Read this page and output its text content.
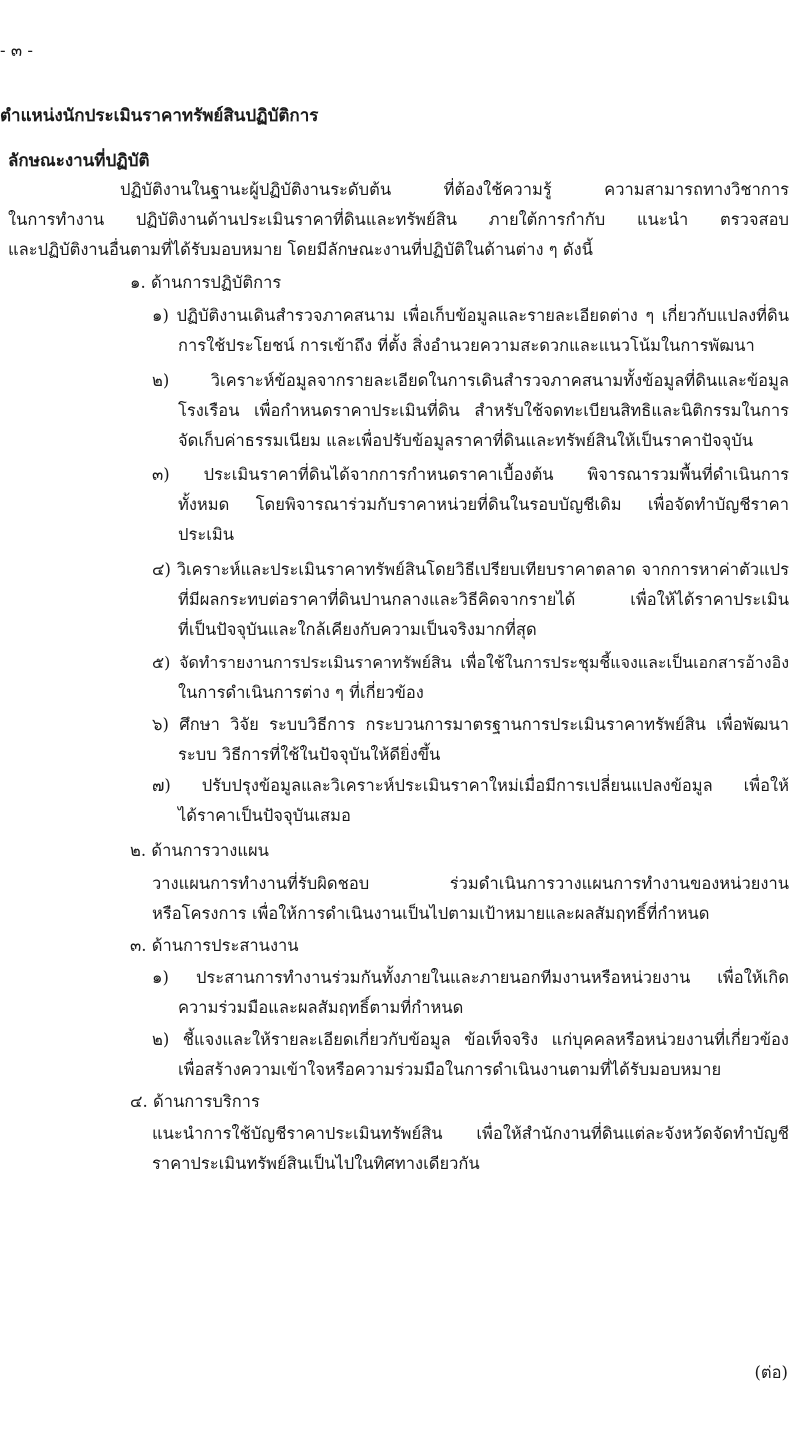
- ๓ -
ตำแหน่งนักประเมินราคาทรัพย์สินปฏิบัติการ
ลักษณะงานที่ปฏิบัติ
ปฏิบัติงานในฐานะผู้ปฏิบัติงานระดับต้น ที่ต้องใช้ความรู้ ความสามารถทางวิชาการ
ในการทำงาน ปฏิบัติงานด้านประเมินราคาที่ดินและทรัพย์สิน ภายใต้การกำกับ แนะนำ ตรวจสอบ
และปฏิบัติงานอื่นตามที่ได้รับมอบหมาย โดยมีลักษณะงานที่ปฏิบัติในด้านต่าง ๆ ดังนี้
๑. ด้านการปฏิบัติการ
๑) ปฏิบัติงานเดินสำรวจภาคสนาม เพื่อเก็บข้อมูลและรายละเอียดต่าง ๆ เกี่ยวกับแปลงที่ดิน
การใช้ประโยชน์ การเข้าถึง ที่ตั้ง สิ่งอำนวยความสะดวกและแนวโน้มในการพัฒนา
๒) วิเคราะห์ข้อมูลจากรายละเอียดในการเดินสำรวจภาคสนามทั้งข้อมูลที่ดินและข้อมูล
โรงเรือน เพื่อกำหนดราคาประเมินที่ดิน สำหรับใช้จดทะเบียนสิทธิและนิติกรรมในการ
จัดเก็บค่าธรรมเนียม และเพื่อปรับข้อมูลราคาที่ดินและทรัพย์สินให้เป็นราคาปัจจุบัน
๓) ประเมินราคาที่ดินได้จากการกำหนดราคาเบื้องต้น พิจารณารวมพื้นที่ดำเนินการ
ทั้งหมด โดยพิจารณาร่วมกับราคาหน่วยที่ดินในรอบบัญชีเดิม เพื่อจัดทำบัญชีราคา
ประเมิน
๔) วิเคราะห์และประเมินราคาทรัพย์สินโดยวิธีเปรียบเทียบราคาตลาด จากการหาค่าตัวแปร
ที่มีผลกระทบต่อราคาที่ดินปานกลางและวิธีคิดจากรายได้ เพื่อให้ได้ราคาประเมิน
ที่เป็นปัจจุบันและใกล้เคียงกับความเป็นจริงมากที่สุด
๕) จัดทำรายงานการประเมินราคาทรัพย์สิน เพื่อใช้ในการประชุมชี้แจงและเป็นเอกสารอ้างอิง
ในการดำเนินการต่าง ๆ ที่เกี่ยวข้อง
๖) ศึกษา วิจัย ระบบวิธีการ กระบวนการมาตรฐานการประเมินราคาทรัพย์สิน เพื่อพัฒนา
ระบบ วิธีการที่ใช้ในปัจจุบันให้ดียิ่งขึ้น
๗) ปรับปรุงข้อมูลและวิเคราะห์ประเมินราคาใหม่เมื่อมีการเปลี่ยนแปลงข้อมูล เพื่อให้
ได้ราคาเป็นปัจจุบันเสมอ
๒. ด้านการวางแผน
วางแผนการทำงานที่รับผิดชอบ ร่วมดำเนินการวางแผนการทำงานของหน่วยงาน
หรือโครงการ เพื่อให้การดำเนินงานเป็นไปตามเป้าหมายและผลสัมฤทธิ์ที่กำหนด
๓. ด้านการประสานงาน
๑) ประสานการทำงานร่วมกันทั้งภายในและภายนอกทีมงานหรือหน่วยงาน เพื่อให้เกิด
ความร่วมมือและผลสัมฤทธิ์ตามที่กำหนด
๒) ชี้แจงและให้รายละเอียดเกี่ยวกับข้อมูล ข้อเท็จจริง แก่บุคคลหรือหน่วยงานที่เกี่ยวข้อง
เพื่อสร้างความเข้าใจหรือความร่วมมือในการดำเนินงานตามที่ได้รับมอบหมาย
๔. ด้านการบริการ
แนะนำการใช้บัญชีราคาประเมินทรัพย์สิน เพื่อให้สำนักงานที่ดินแต่ละจังหวัดจัดทำบัญชี
ราคาประเมินทรัพย์สินเป็นไปในทิศทางเดียวกัน
(ต่อ)
